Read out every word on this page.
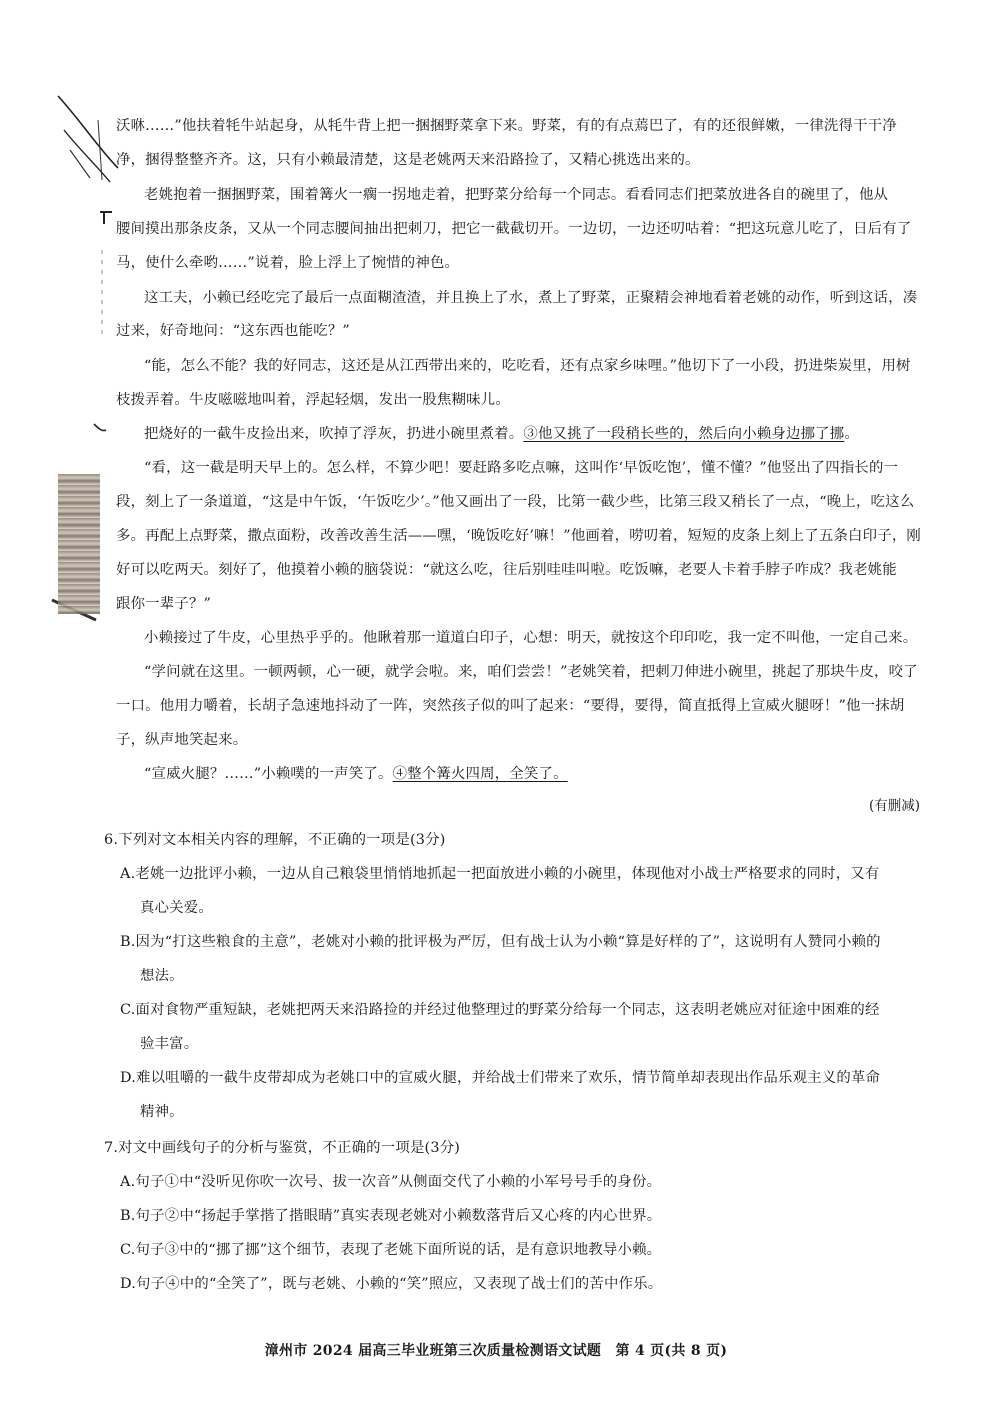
沃咻……”他扶着牦牛站起身，从牦牛背上把一捆捆野菜拿下来。野菜，有的有点蔫巴了，有的还很鲜嫩，一律洗得干干净
净，捆得整整齐齐。这，只有小赖最清楚，这是老姚两天来沿路捡了，又精心挑选出来的。
老姚抱着一捆捆野菜，围着篝火一瘸一拐地走着，把野菜分给每一个同志。看看同志们把菜放进各自的碗里了，他从
腰间摸出那条皮条，又从一个同志腰间抽出把刺刀，把它一截截切开。一边切，一边还叨咕着：“把这玩意儿吃了，日后有了
马，使什么牵哟……”说着，脸上浮上了惋惜的神色。
这工夫，小赖已经吃完了最后一点面糊渣渣，并且换上了水，煮上了野菜，正聚精会神地看着老姚的动作，听到这话，凑
过来，好奇地问：“这东西也能吃？”
“能，怎么不能？我的好同志，这还是从江西带出来的，吃吃看，还有点家乡味哩。”他切下了一小段，扔进柴炭里，用树
枝拨弄着。牛皮嗞嗞地叫着，浮起轻烟，发出一股焦糊味儿。
把烧好的一截牛皮捡出来，吹掉了浮灰，扔进小碗里煮着。③他又挑了一段稍长些的，然后向小赖身边挪了挪。
“看，这一截是明天早上的。怎么样，不算少吧！要赶路多吃点嘛，这叫作‘早饭吃饱’，懂不懂？”他竖出了四指长的一
段，刻上了一条道道，“这是中午饭，‘午饭吃少’。”他又画出了一段，比第一截少些，比第三段又稍长了一点，“晚上，吃这么
多。再配上点野菜，撒点面粉，改善改善生活——嘿，‘晚饭吃好’嘛！”他画着，唠叨着，短短的皮条上刻上了五条白印子，刚
好可以吃两天。刻好了，他摸着小赖的脑袋说：“就这么吃，往后别哇哇叫啦。吃饭嘛，老要人卡着手脖子咋成？我老姚能
跟你一辈子？”
小赖接过了牛皮，心里热乎乎的。他瞅着那一道道白印子，心想：明天，就按这个印印吃，我一定不叫他，一定自己来。
“学问就在这里。一顿两顿，心一硬，就学会啦。来，咱们尝尝！”老姚笑着，把刺刀伸进小碗里，挑起了那块牛皮，咬了
一口。他用力嚼着，长胡子急速地抖动了一阵，突然孩子似的叫了起来：“要得，要得，简直抵得上宣威火腿呀！”他一抹胡
子，纵声地笑起来。
“宣威火腿？……”小赖噗的一声笑了。④整个篝火四周，全笑了。
(有删减)
6.下列对文本相关内容的理解，不正确的一项是(3分)
A.老姚一边批评小赖，一边从自己粮袋里悄悄地抓起一把面放进小赖的小碗里，体现他对小战士严格要求的同时，又有
真心关爱。
B.因为“打这些粮食的主意”，老姚对小赖的批评极为严厉，但有战士认为小赖“算是好样的了”，这说明有人赞同小赖的
想法。
C.面对食物严重短缺，老姚把两天来沿路捡的并经过他整理过的野菜分给每一个同志，这表明老姚应对征途中困难的经
验丰富。
D.难以咀嚼的一截牛皮带却成为老姚口中的宣威火腿，并给战士们带来了欢乐，情节简单却表现出作品乐观主义的革命
精神。
7.对文中画线句子的分析与鉴赏，不正确的一项是(3分)
A.句子①中“没听见你吹一次号、拔一次音”从侧面交代了小赖的小军号号手的身份。
B.句子②中“扬起手掌揩了揩眼睛”真实表现老姚对小赖数落背后又心疼的内心世界。
C.句子③中的“挪了挪”这个细节，表现了老姚下面所说的话，是有意识地教导小赖。
D.句子④中的“全笑了”，既与老姚、小赖的“笑”照应，又表现了战士们的苦中作乐。
漳州市 2024 届高三毕业班第三次质量检测语文试题　第 4 页(共 8 页)
